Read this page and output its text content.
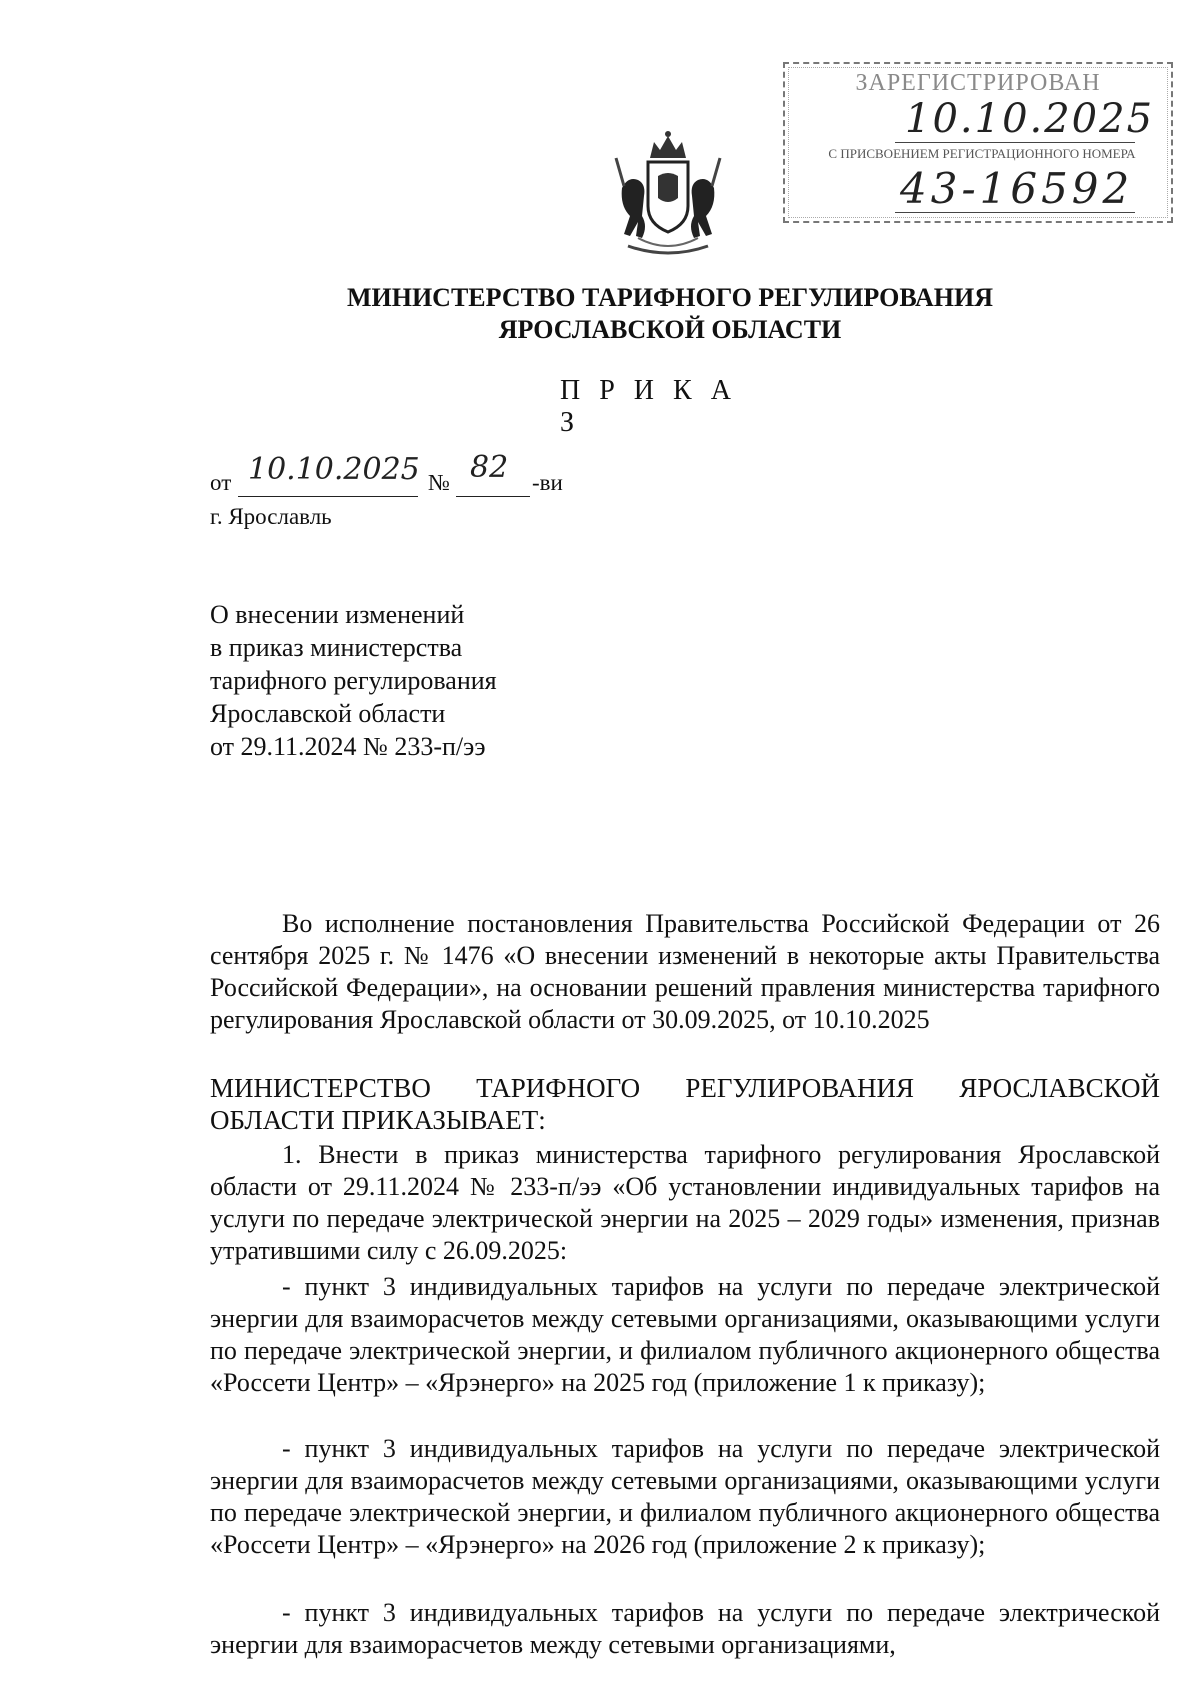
ЗАРЕГИСТРИРОВАН
10.10.2025
С ПРИСВОЕНИЕМ РЕГИСТРАЦИОННОГО НОМЕРА
43-16592
МИНИСТЕРСТВО ТАРИФНОГО РЕГУЛИРОВАНИЯ
ЯРОСЛАВСКОЙ ОБЛАСТИ
П Р И К А З
от 10.10.2025 № 82 -ви
г. Ярославль
О внесении изменений
в приказ министерства
тарифного регулирования
Ярославской области
от 29.11.2024 № 233-п/ээ
Во исполнение постановления Правительства Российской Федерации от 26 сентября 2025 г. № 1476 «О внесении изменений в некоторые акты Правительства Российской Федерации», на основании решений правления министерства тарифного регулирования Ярославской области от 30.09.2025, от 10.10.2025
МИНИСТЕРСТВО ТАРИФНОГО РЕГУЛИРОВАНИЯ ЯРОСЛАВСКОЙ ОБЛАСТИ ПРИКАЗЫВАЕТ:
1. Внести в приказ министерства тарифного регулирования Ярославской области от 29.11.2024 № 233-п/ээ «Об установлении индивидуальных тарифов на услуги по передаче электрической энергии на 2025 – 2029 годы» изменения, признав утратившими силу с 26.09.2025:
- пункт 3 индивидуальных тарифов на услуги по передаче электрической энергии для взаиморасчетов между сетевыми организациями, оказывающими услуги по передаче электрической энергии, и филиалом публичного акционерного общества «Россети Центр» – «Ярэнерго» на 2025 год (приложение 1 к приказу);
- пункт 3 индивидуальных тарифов на услуги по передаче электрической энергии для взаиморасчетов между сетевыми организациями, оказывающими услуги по передаче электрической энергии, и филиалом публичного акционерного общества «Россети Центр» – «Ярэнерго» на 2026 год (приложение 2 к приказу);
- пункт 3 индивидуальных тарифов на услуги по передаче электрической энергии для взаиморасчетов между сетевыми организациями,
